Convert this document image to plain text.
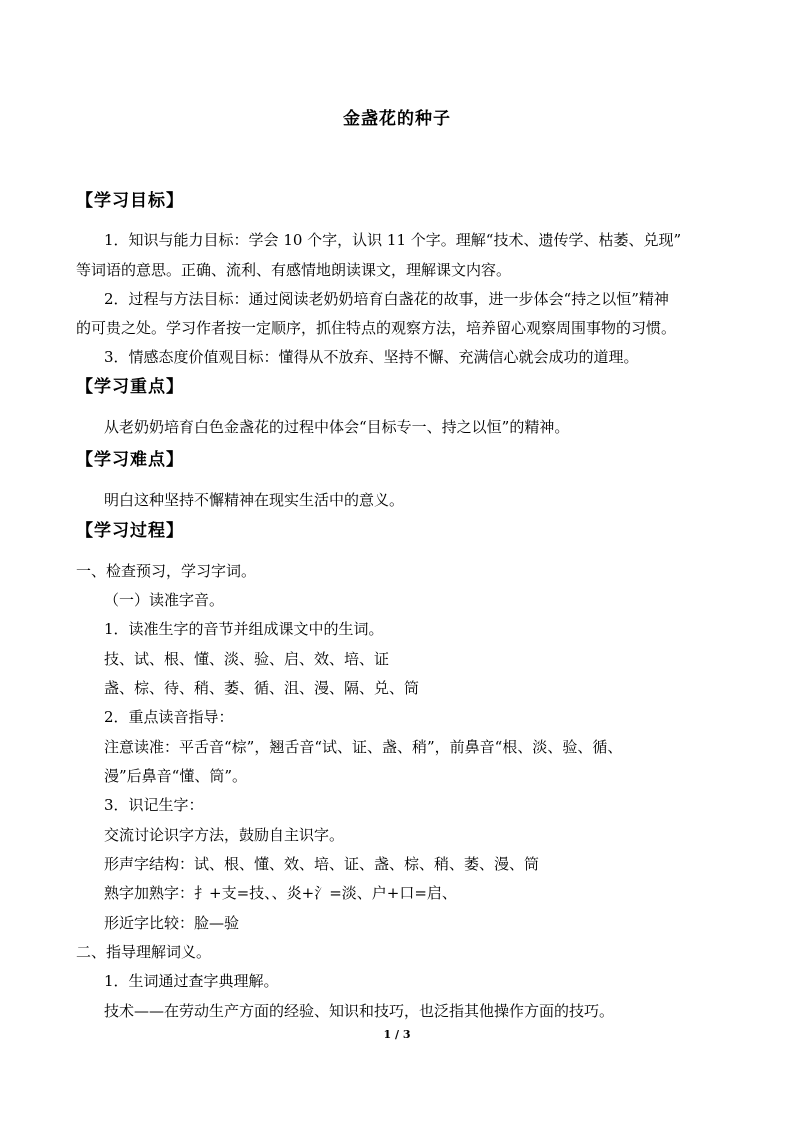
金盏花的种子
【学习目标】
1．知识与能力目标：学会 10 个字，认识 11 个字。理解“技术、遗传学、枯萎、兑现”
等词语的意思。正确、流利、有感情地朗读课文，理解课文内容。
2．过程与方法目标：通过阅读老奶奶培育白盏花的故事，进一步体会“持之以恒”精神
的可贵之处。学习作者按一定顺序，抓住特点的观察方法，培养留心观察周围事物的习惯。
3．情感态度价值观目标：懂得从不放弃、坚持不懈、充满信心就会成功的道理。
【学习重点】
从老奶奶培育白色金盏花的过程中体会“目标专一、持之以恒”的精神。
【学习难点】
明白这种坚持不懈精神在现实生活中的意义。
【学习过程】
一、检查预习，学习字词。
（一）读准字音。
1．读准生字的音节并组成课文中的生词。
技、试、根、懂、淡、验、启、效、培、证
盏、棕、待、稍、萎、循、沮、漫、隔、兑、筒
2．重点读音指导：
注意读准：平舌音“棕”，翘舌音“试、证、盏、稍”，前鼻音“根、淡、验、循、
漫”后鼻音“懂、筒”。
3．识记生字：
交流讨论识字方法，鼓励自主识字。
形声字结构：试、根、懂、效、培、证、盏、棕、稍、萎、漫、筒
熟字加熟字：扌+支=技、、炎+氵=淡、户+口=启、
形近字比较：脸—验
二、指导理解词义。
1．生词通过查字典理解。
技术——在劳动生产方面的经验、知识和技巧，也泛指其他操作方面的技巧。
1 / 3
